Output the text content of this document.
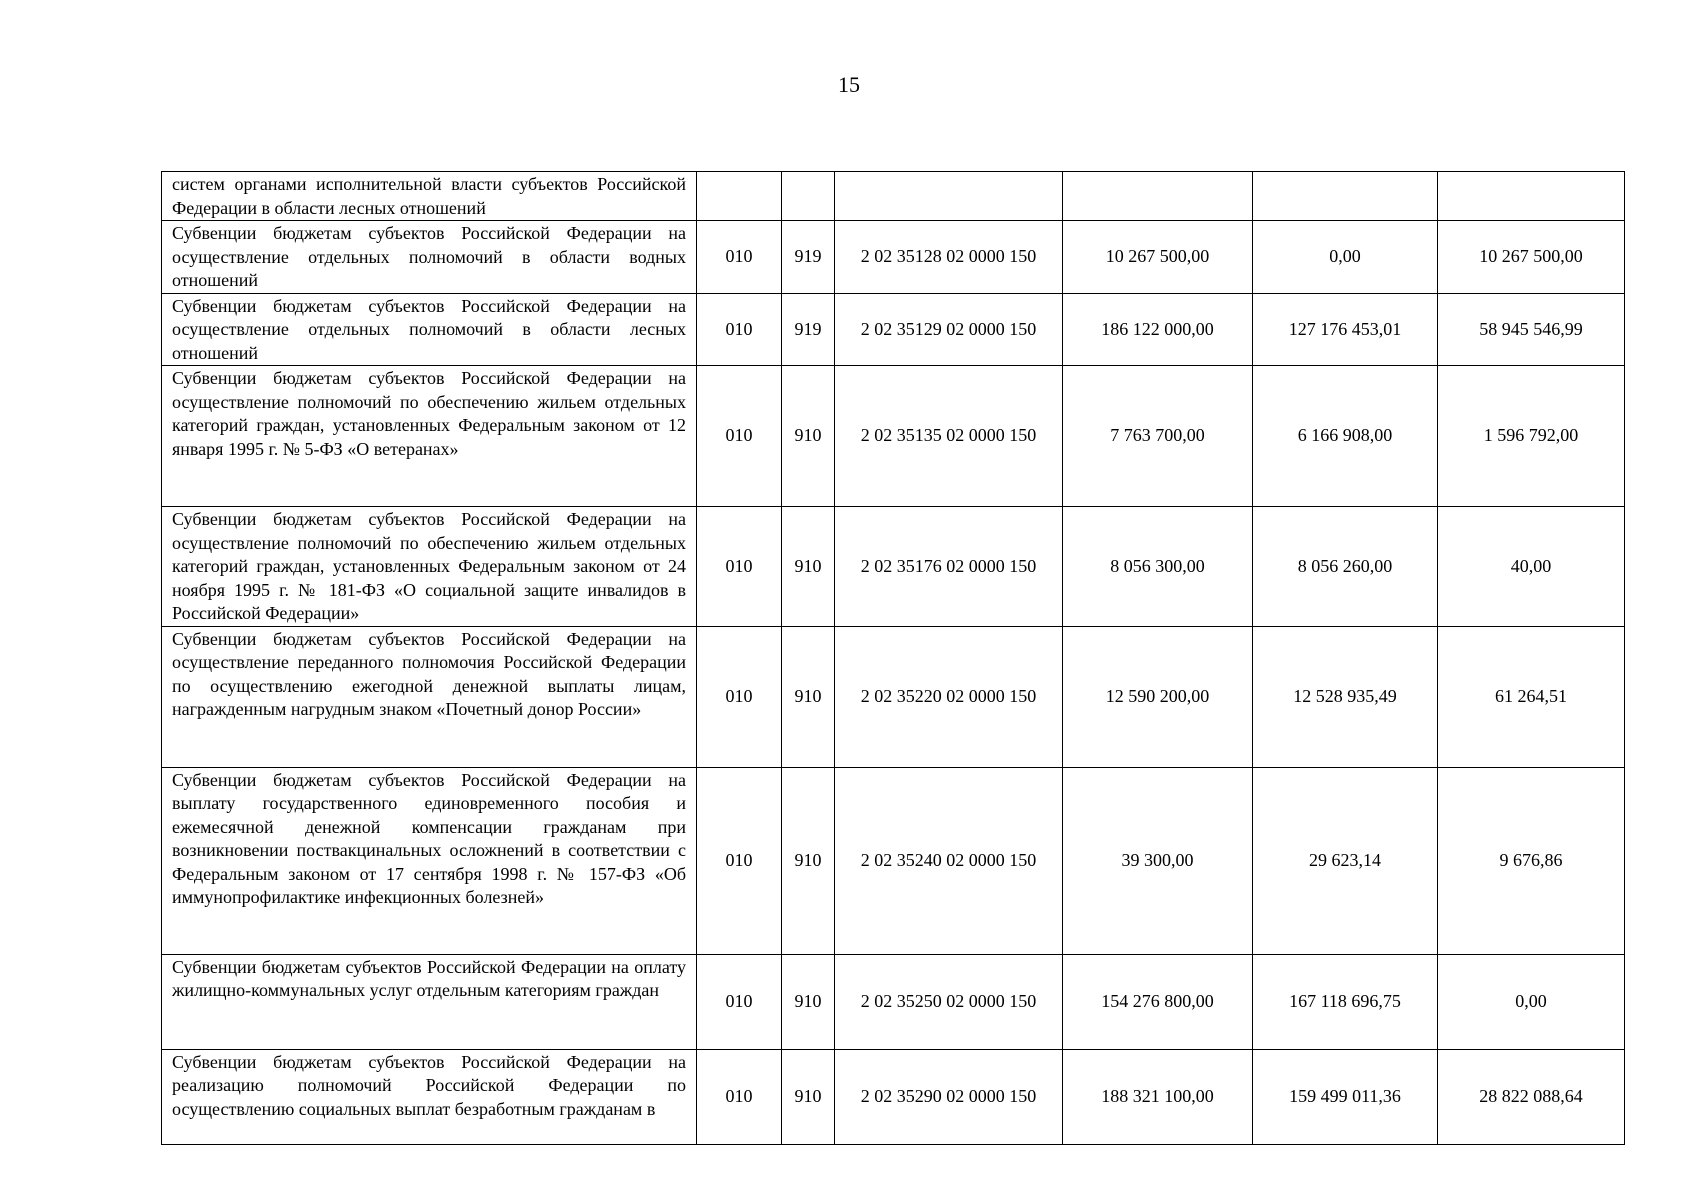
15
систем органами исполнительной власти субъектов Российской Федерации в области лесных отношений						
Субвенции бюджетам субъектов Российской Федерации на осуществление отдельных полномочий в области водных отношений	010	919	2 02 35128 02 0000 150	10 267 500,00	0,00	10 267 500,00
Субвенции бюджетам субъектов Российской Федерации на осуществление отдельных полномочий в области лесных отношений	010	919	2 02 35129 02 0000 150	186 122 000,00	127 176 453,01	58 945 546,99
Субвенции бюджетам субъектов Российской Федерации на осуществление полномочий по обеспечению жильем отдельных категорий граждан, установленных Федеральным законом от 12 января 1995 г. № 5-ФЗ «О ветеранах»	010	910	2 02 35135 02 0000 150	7 763 700,00	6 166 908,00	1 596 792,00
Субвенции бюджетам субъектов Российской Федерации на осуществление полномочий по обеспечению жильем отдельных категорий граждан, установленных Федеральным законом от 24 ноября 1995 г. № 181-ФЗ «О социальной защите инвалидов в Российской Федерации»	010	910	2 02 35176 02 0000 150	8 056 300,00	8 056 260,00	40,00
Субвенции бюджетам субъектов Российской Федерации на осуществление переданного полномочия Российской Федерации по осуществлению ежегодной денежной выплаты лицам, награжденным нагрудным знаком «Почетный донор России»	010	910	2 02 35220 02 0000 150	12 590 200,00	12 528 935,49	61 264,51
Субвенции бюджетам субъектов Российской Федерации на выплату государственного единовременного пособия и ежемесячной денежной компенсации гражданам при возникновении поствакцинальных осложнений в соответствии с Федеральным законом от 17 сентября 1998 г. № 157-ФЗ «Об иммунопрофилактике инфекционных болезней»	010	910	2 02 35240 02 0000 150	39 300,00	29 623,14	9 676,86
Субвенции бюджетам субъектов Российской Федерации на оплату жилищно-коммунальных услуг отдельным категориям граждан	010	910	2 02 35250 02 0000 150	154 276 800,00	167 118 696,75	0,00
Субвенции бюджетам субъектов Российской Федерации на реализацию полномочий Российской Федерации по осуществлению социальных выплат безработным гражданам в	010	910	2 02 35290 02 0000 150	188 321 100,00	159 499 011,36	28 822 088,64
